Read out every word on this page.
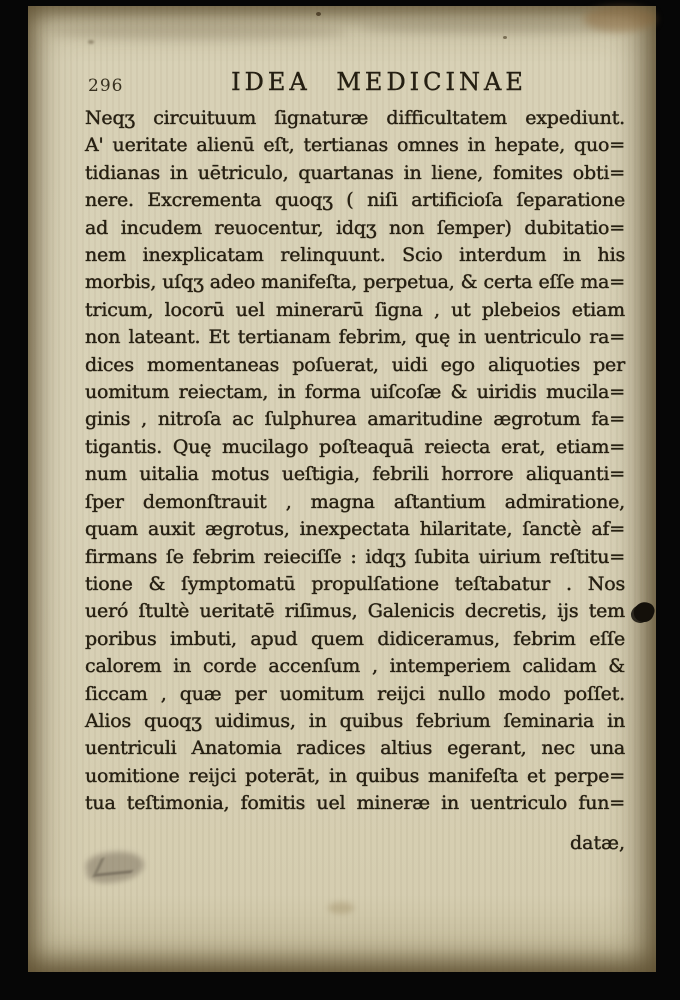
296	IDEA MEDICINAE
Neqʒ circuituum ſignaturæ difficultatem expediunt.
A' ueritate alienū eſt, tertianas omnes in hepate, quo=
tidianas in uētriculo, quartanas in liene, fomites obti=
nere. Excrementa quoqʒ ( niſi artificioſa ſeparatione
ad incudem reuocentur, idqʒ non ſemper) dubitatio=
nem inexplicatam relinquunt. Scio interdum in his
morbis, uſqʒ adeo manifeſta, perpetua, & certa eſſe ma=
tricum, locorū uel minerarū ſigna , ut plebeios etiam
non lateant. Et tertianam febrim, quę in uentriculo ra=
dices momentaneas poſuerat, uidi ego aliquoties per
uomitum reiectam, in forma uiſcoſæ & uiridis mucila=
ginis , nitroſa ac ſulphurea amaritudine ægrotum fa=
tigantis. Quę mucilago poſteaquā reiecta erat, etiam=
num uitalia motus ueſtigia, febrili horrore aliquanti=
ſper demonſtrauit , magna aſtantium admiratione,
quam auxit ægrotus, inexpectata hilaritate, ſanctè af=
firmans ſe febrim reieciſſe : idqʒ ſubita uirium reſtitu=
tione & ſymptomatū propulſatione teſtabatur . Nos
ueró ſtultè ueritatē riſimus, Galenicis decretis, ijs tem
poribus imbuti, apud quem didiceramus, febrim eſſe
calorem in corde accenſum , intemperiem calidam &
ſiccam , quæ per uomitum reijci nullo modo poſſet.
Alios quoqʒ uidimus, in quibus febrium ſeminaria in
uentriculi Anatomia radices altius egerant, nec una
uomitione reijci poterāt, in quibus manifeſta et perpe=
tua teſtimonia, fomitis uel mineræ in uentriculo fun=
datæ,
